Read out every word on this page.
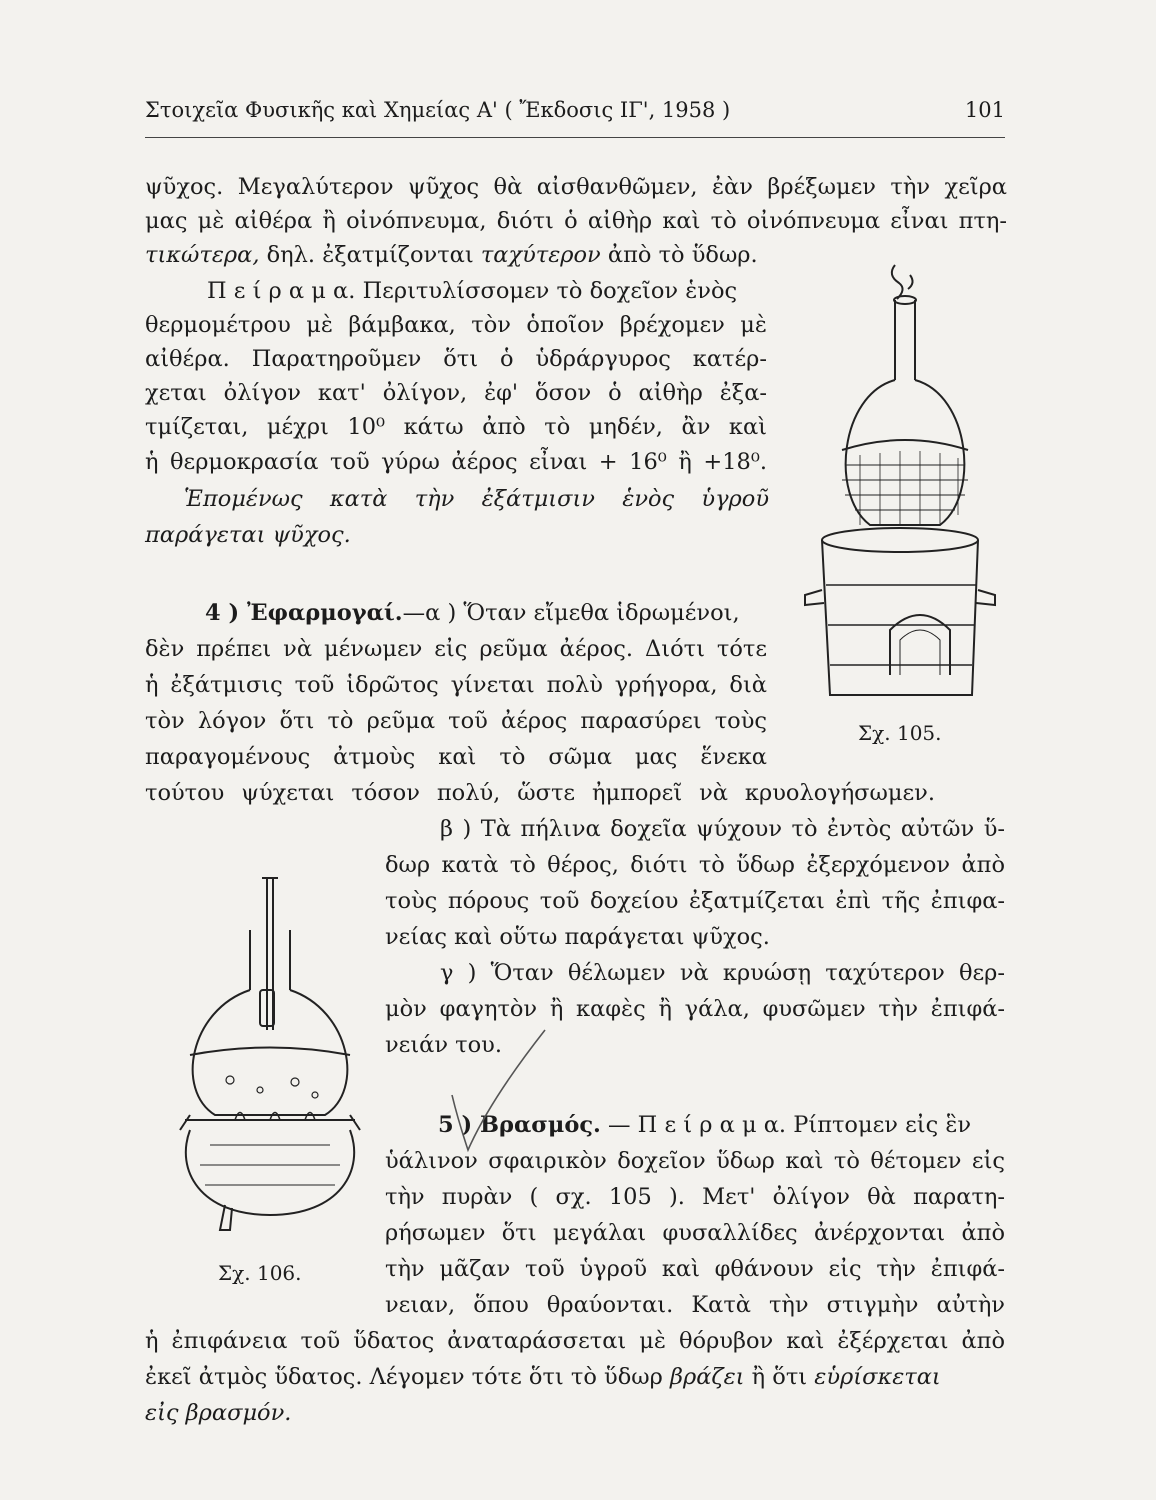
Στοιχεῖα Φυσικῆς καὶ Χημείας Α' ( Ἔκδοσις ΙΓ', 1958 )	101
ψῦχος. Μεγαλύτερον ψῦχος θὰ αἰσθανθῶμεν, ἐὰν βρέξωμεν τὴν χεῖρα
μας μὲ αἰθέρα ἢ οἰνόπνευμα, διότι ὁ αἰθὴρ καὶ τὸ οἰνόπνευμα εἶναι πτη-
τικώτερα, δηλ. ἐξατμίζονται ταχύτερον ἀπὸ τὸ ὕδωρ.
Π ε ί ρ α μ α. Περιτυλίσσομεν τὸ δοχεῖον ἑνὸς
θερμομέτρου μὲ βάμβακα, τὸν ὁποῖον βρέχομεν μὲ
αἰθέρα. Παρατηροῦμεν ὅτι ὁ ὑδράργυρος κατέρ-
χεται ὀλίγον κατ' ὀλίγον, ἐφ' ὅσον ὁ αἰθὴρ ἐξα-
τμίζεται, μέχρι 10⁰ κάτω ἀπὸ τὸ μηδέν, ἂν καὶ
ἡ θερμοκρασία τοῦ γύρω ἀέρος εἶναι + 16⁰ ἢ +18⁰.
Ἑπομένως κατὰ τὴν ἐξάτμισιν ἑνὸς ὑγροῦ
παράγεται ψῦχος.
4 ) Ἐφαρμογαί.—α ) Ὅταν εἴμεθα ἱδρωμένοι,
δὲν πρέπει νὰ μένωμεν εἰς ρεῦμα ἀέρος. Διότι τότε
ἡ ἐξάτμισις τοῦ ἱδρῶτος γίνεται πολὺ γρήγορα, διὰ
τὸν λόγον ὅτι τὸ ρεῦμα τοῦ ἀέρος παρασύρει τοὺς
παραγομένους ἀτμοὺς καὶ τὸ σῶμα μας ἕνεκα
τούτου ψύχεται τόσον πολύ, ὥστε ἠμπορεῖ νὰ κρυολογήσωμεν.
β ) Τὰ πήλινα δοχεῖα ψύχουν τὸ ἐντὸς αὐτῶν ὕ-
δωρ κατὰ τὸ θέρος, διότι τὸ ὕδωρ ἐξερχόμενον ἀπὸ
τοὺς πόρους τοῦ δοχείου ἐξατμίζεται ἐπὶ τῆς ἐπιφα-
νείας καὶ οὕτω παράγεται ψῦχος.
γ ) Ὅταν θέλωμεν νὰ κρυώσῃ ταχύτερον θερ-
μὸν φαγητὸν ἢ καφὲς ἢ γάλα, φυσῶμεν τὴν ἐπιφά-
νειάν του.
5 ) Βρασμός. — Π ε ί ρ α μ α. Ρίπτομεν εἰς ἓν
ὑάλινον σφαιρικὸν δοχεῖον ὕδωρ καὶ τὸ θέτομεν εἰς
τὴν πυρὰν ( σχ. 105 ). Μετ' ὀλίγον θὰ παρατη-
ρήσωμεν ὅτι μεγάλαι φυσαλλίδες ἀνέρχονται ἀπὸ
τὴν μᾶζαν τοῦ ὑγροῦ καὶ φθάνουν εἰς τὴν ἐπιφά-
νειαν, ὅπου θραύονται. Κατὰ τὴν στιγμὴν αὐτὴν
ἡ ἐπιφάνεια τοῦ ὕδατος ἀναταράσσεται μὲ θόρυβον καὶ ἐξέρχεται ἀπὸ
ἐκεῖ ἀτμὸς ὕδατος. Λέγομεν τότε ὅτι τὸ ὕδωρ βράζει ἢ ὅτι εὑρίσκεται
εἰς βρασμόν.
Σχ. 105.
Σχ. 106.
